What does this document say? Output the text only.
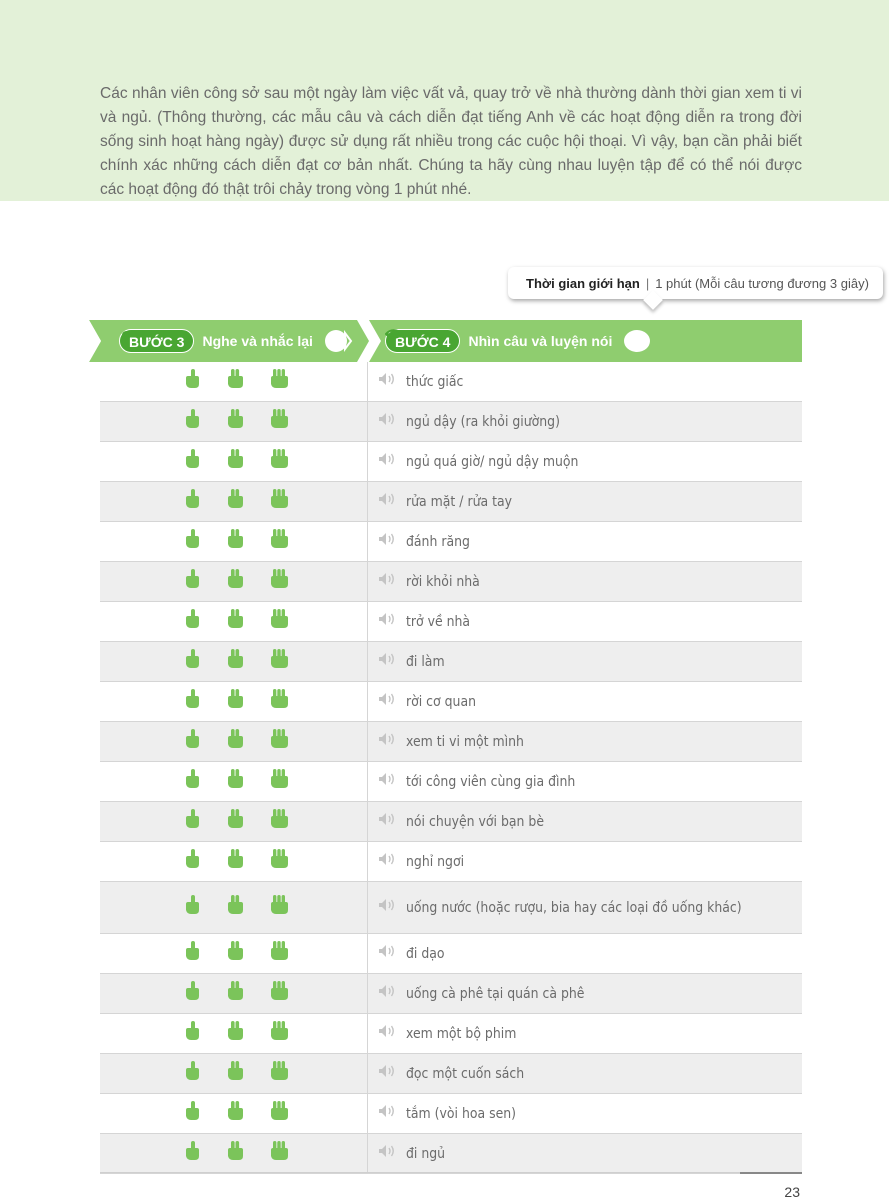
Các nhân viên công sở sau một ngày làm việc vất vả, quay trở về nhà thường dành thời gian xem ti vi và ngủ. (Thông thường, các mẫu câu và cách diễn đạt tiếng Anh về các hoạt động diễn ra trong đời sống sinh hoạt hàng ngày) được sử dụng rất nhiều trong các cuộc hội thoại. Vì vậy, bạn cần phải biết chính xác những cách diễn đạt cơ bản nhất. Chúng ta hãy cùng nhau luyện tập để có thể nói được các hoạt động đó thật trôi chảy trong vòng 1 phút nhé.

Thời gian giới hạn | 1 phút (Mỗi câu tương đương 3 giây)
BƯỚC 3	Nghe và nhắc lại	BƯỚC 4	Nhìn câu và luyện nói
thức giấc
ngủ dậy (ra khỏi giường)
ngủ quá giờ/ ngủ dậy muộn
rửa mặt / rửa tay
đánh răng
rời khỏi nhà
trở về nhà
đi làm
rời cơ quan
xem ti vi một mình
tới công viên cùng gia đình
nói chuyện với bạn bè
nghỉ ngơi
uống nước (hoặc rượu, bia hay các loại đồ uống khác)
đi dạo
uống cà phê tại quán cà phê
xem một bộ phim
đọc một cuốn sách
tắm (vòi hoa sen)
đi ngủ
23
